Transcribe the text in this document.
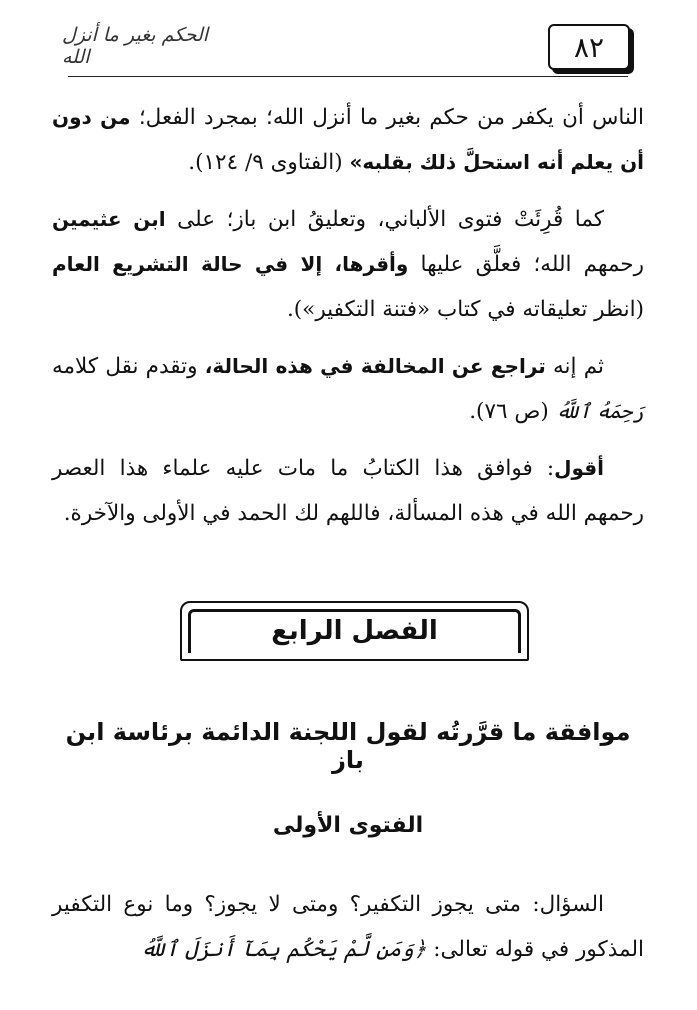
٨٢
الحكم بغير ما أنزل الله

الناس أن يكفر من حكم بغير ما أنزل الله؛ بمجرد الفعل؛ من دون أن يعلم أنه استحلَّ ذلك بقلبه» (الفتاوى ٩/ ١٢٤).

كما قُرِئَتْ فتوى الألباني، وتعليقُ ابن باز؛ على ابن عثيمين رحمهم الله؛ فعلَّق عليها وأقرها، إلا في حالة التشريع العام (انظر تعليقاته في كتاب «فتنة التكفير»).

ثم إنه تراجع عن المخالفة في هذه الحالة، وتقدم نقل كلامه رَحِمَهُ ٱللَّهُ (ص ٧٦).

أقول: فوافق هذا الكتابُ ما مات عليه علماء هذا العصر رحمهم الله في هذه المسألة، فاللهم لك الحمد في الأولى والآخرة.

الفصل الرابع
موافقة ما قرَّرتُه لقول اللجنة الدائمة برئاسة ابن باز
الفتوى الأولى

السؤال: متى يجوز التكفير؟ ومتى لا يجوز؟ وما نوع التكفير المذكور في قوله تعالى: ﴿وَمَن لَّمْ يَحْكُم بِمَآ أَنزَلَ ٱللَّهُ
